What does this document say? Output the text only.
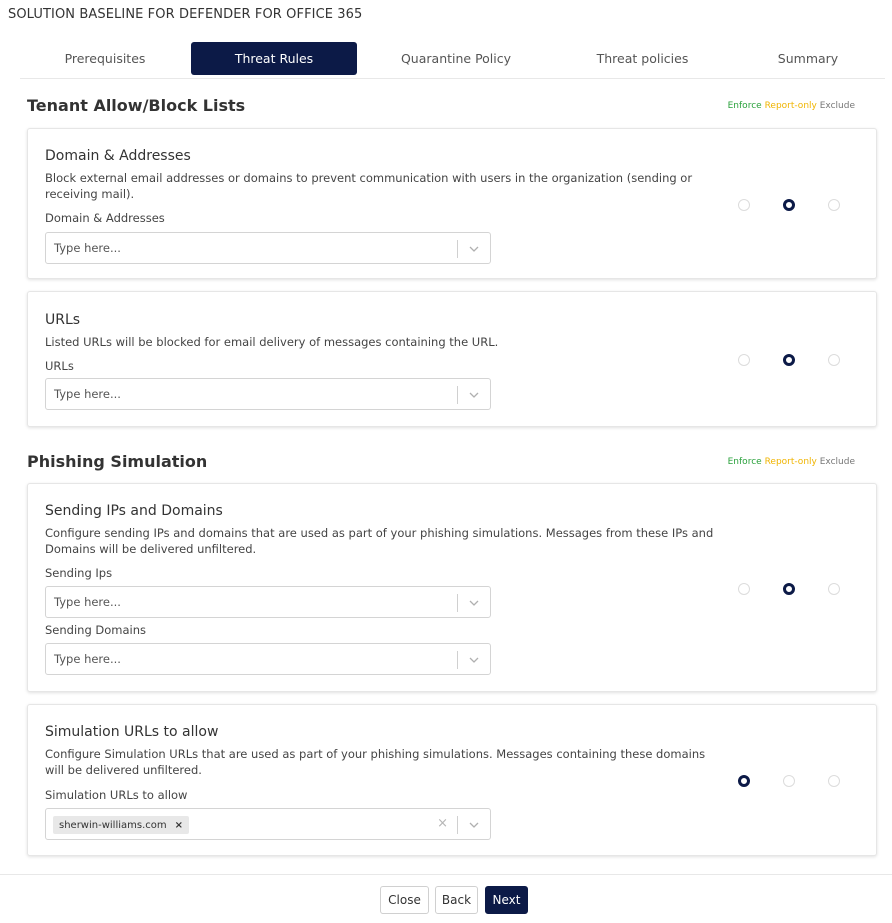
SOLUTION BASELINE FOR DEFENDER FOR OFFICE 365
Prerequisites	Threat Rules	Quarantine Policy	Threat policies	Summary
Tenant Allow/Block Lists	Enforce Report-only Exclude
Domain & Addresses
Block external email addresses or domains to prevent communication with users in the organization (sending or receiving mail).
Domain & Addresses
Type here...
URLs
Listed URLs will be blocked for email delivery of messages containing the URL.
URLs
Type here...
Phishing Simulation	Enforce Report-only Exclude
Sending IPs and Domains
Configure sending IPs and domains that are used as part of your phishing simulations. Messages from these IPs and Domains will be delivered unfiltered.
Sending Ips
Type here...
Sending Domains
Type here...
Simulation URLs to allow
Configure Simulation URLs that are used as part of your phishing simulations. Messages containing these domains will be delivered unfiltered.
Simulation URLs to allow
sherwin-williams.com ×	×
Close	Back	Next
